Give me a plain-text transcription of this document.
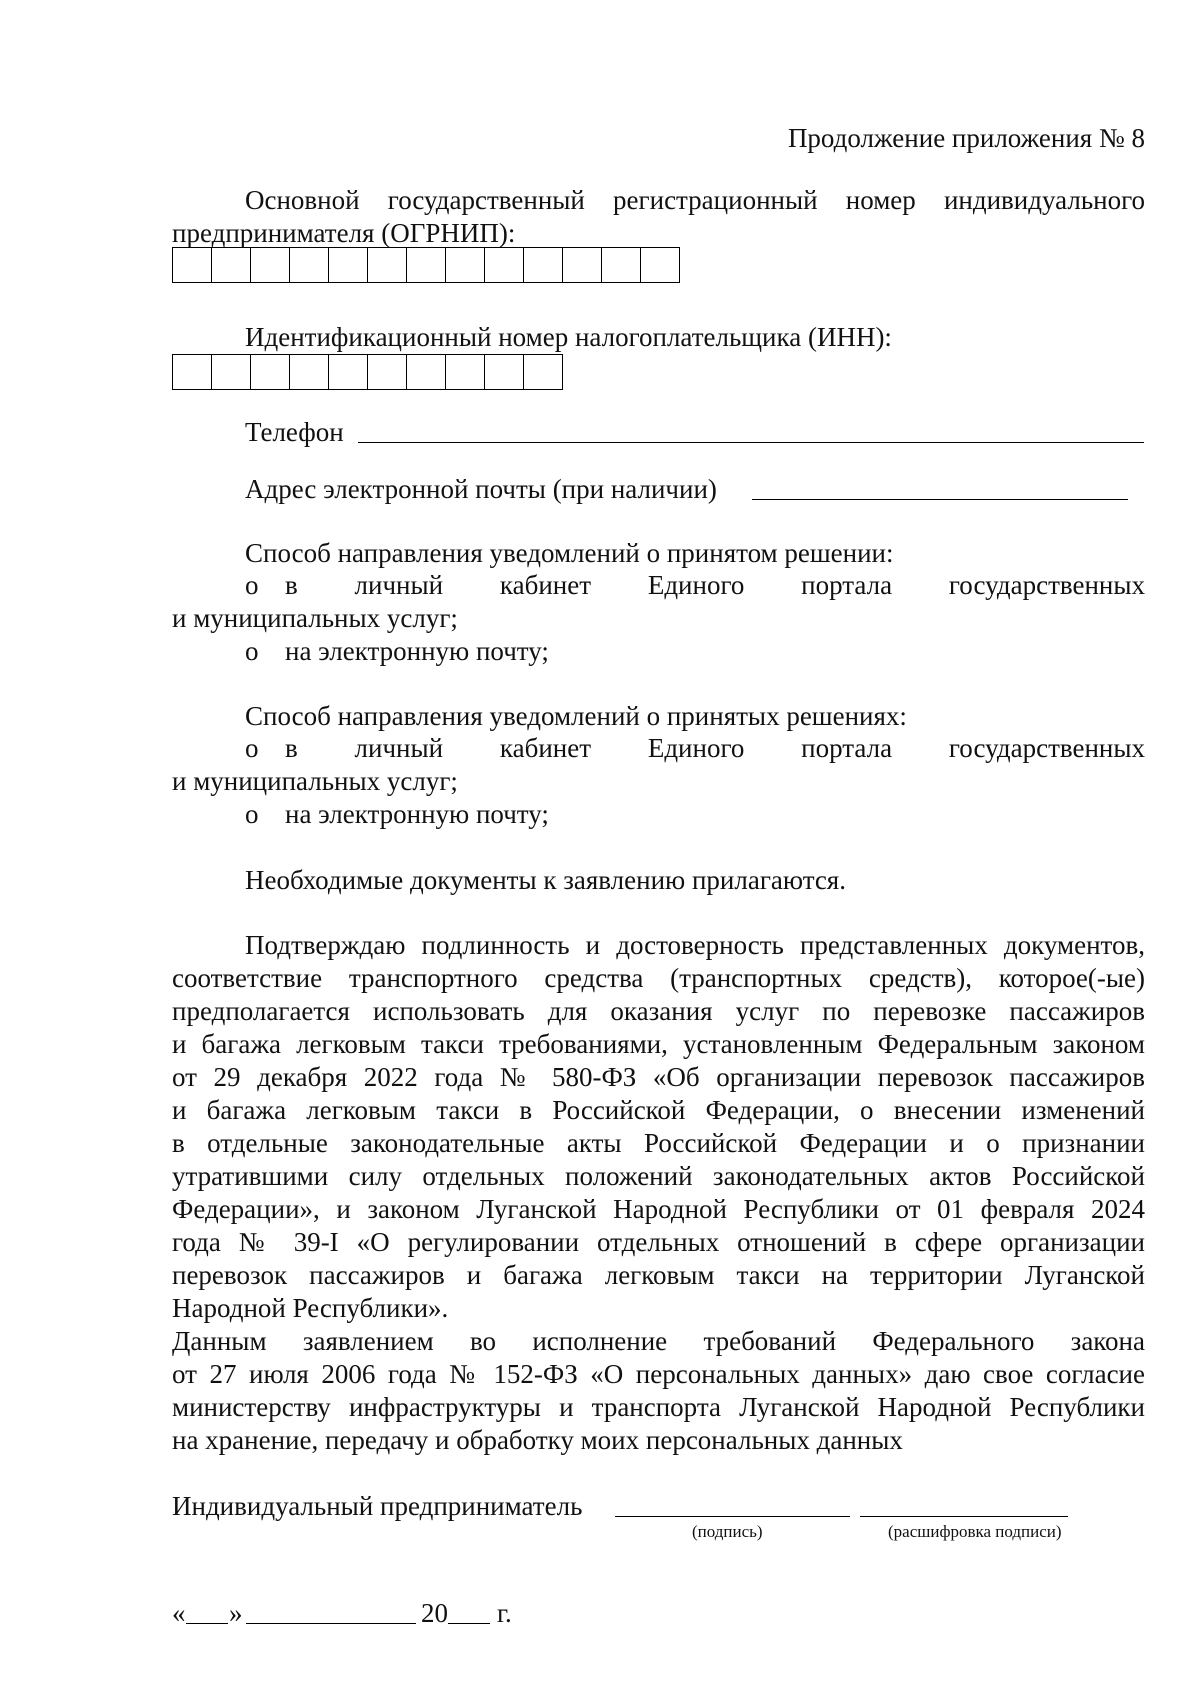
Продолжение приложения № 8
Основной государственный регистрационный номер индивидуального
предпринимателя (ОГРНИП):
Идентификационный номер налогоплательщика (ИНН):
Телефон
Адрес электронной почты (при наличии)
Способ направления уведомлений о принятом решении:
о в личный кабинет Единого портала государственных
и муниципальных услуг;
о на электронную почту;
Способ направления уведомлений о принятых решениях:
о в личный кабинет Единого портала государственных
и муниципальных услуг;
о на электронную почту;
Необходимые документы к заявлению прилагаются.
Подтверждаю подлинность и достоверность представленных документов,
соответствие транспортного средства (транспортных средств), которое(-ые)
предполагается использовать для оказания услуг по перевозке пассажиров
и багажа легковым такси требованиями, установленным Федеральным законом
от 29 декабря 2022 года № 580-ФЗ «Об организации перевозок пассажиров
и багажа легковым такси в Российской Федерации, о внесении изменений
в отдельные законодательные акты Российской Федерации и о признании
утратившими силу отдельных положений законодательных актов Российской
Федерации», и законом Луганской Народной Республики от 01 февраля 2024
года № 39-I «О регулировании отдельных отношений в сфере организации
перевозок пассажиров и багажа легковым такси на территории Луганской
Народной Республики».
Данным заявлением во исполнение требований Федерального закона
от 27 июля 2006 года № 152-ФЗ «О персональных данных» даю свое согласие
министерству инфраструктуры и транспорта Луганской Народной Республики
на хранение, передачу и обработку моих персональных данных
Индивидуальный предприниматель
(подпись)	(расшифровка подписи)
« »	20 г.
